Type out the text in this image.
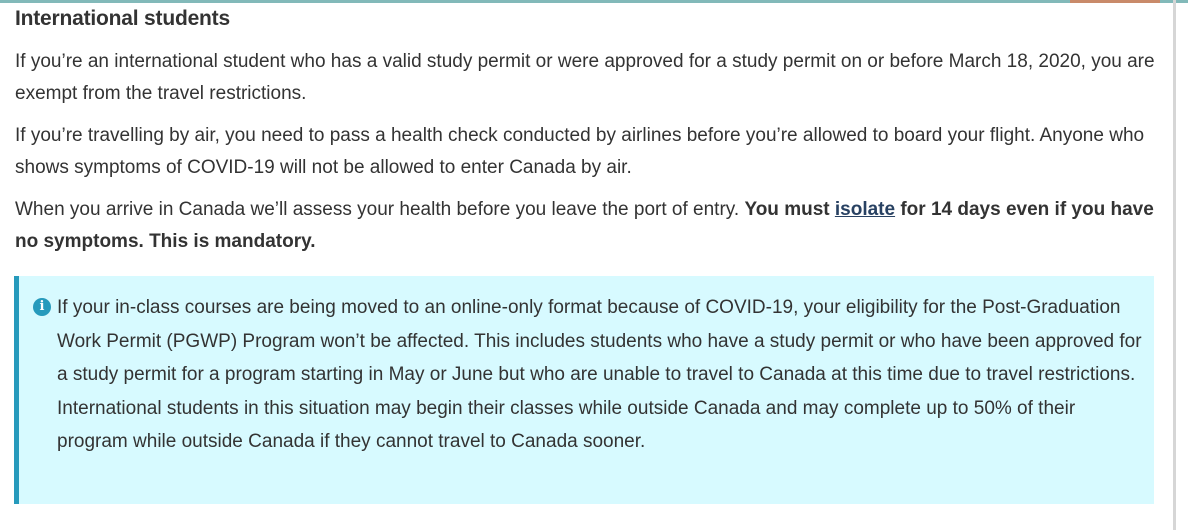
International students

If you’re an international student who has a valid study permit or were approved for a study permit on or before March 18, 2020, you are exempt from the travel restrictions.

If you’re travelling by air, you need to pass a health check conducted by airlines before you’re allowed to board your flight. Anyone who shows symptoms of COVID-19 will not be allowed to enter Canada by air.

When you arrive in Canada we’ll assess your health before you leave the port of entry. You must isolate for 14 days even if you have no symptoms. This is mandatory.

i If your in-class courses are being moved to an online-only format because of COVID-19, your eligibility for the Post-Graduation Work Permit (PGWP) Program won’t be affected. This includes students who have a study permit or who have been approved for a study permit for a program starting in May or June but who are unable to travel to Canada at this time due to travel restrictions. International students in this situation may begin their classes while outside Canada and may complete up to 50% of their program while outside Canada if they cannot travel to Canada sooner.
